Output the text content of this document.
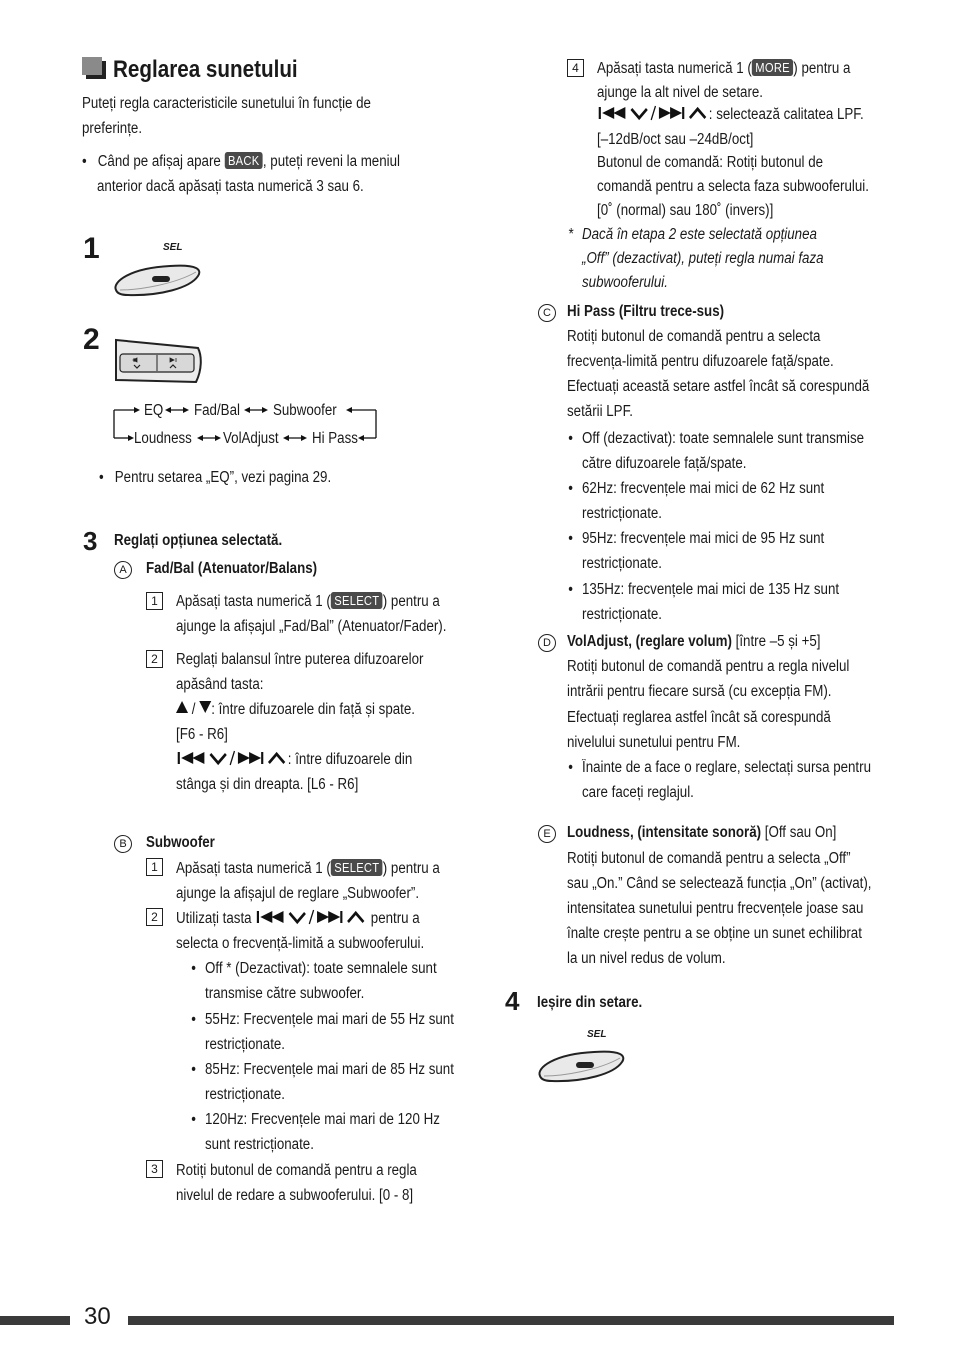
Reglarea sunetului
Puteți regla caracteristicile sunetului în funcție de
preferințe.
• Când pe afișaj apare BACK , puteți reveni la meniul
anterior dacă apăsați tasta numerică 3 sau 6.
1	SEL
2
EQ Fad/Bal Subwoofer
Loudness VolAdjust Hi Pass
•   Pentru setarea „EQ”, vezi pagina 29.
3 Reglați opțiunea selectată.
A	Fad/Bal (Atenuator/Balans)
1	Apăsați tasta numerică 1 ( SELECT ) pentru a
ajunge la afișajul „Fad/Bal” (Atenuator/Fader).
2	Reglați balansul între puterea difuzoarelor
apăsând tasta:
/ : între difuzoarele din față și spate.
[F6 - R6]
: între difuzoarele din
stânga și din dreapta. [L6 - R6]
B	Subwoofer
1	Apăsați tasta numerică 1 ( SELECT ) pentru a
ajunge la afișajul de reglare „Subwoofer”.
2	Utilizați tasta	pentru a
selecta o frecvență-limită a subwooferului.
• Off * (Dezactivat): toate semnalele sunt
transmise către subwoofer.
• 55Hz: Frecvențele mai mari de 55 Hz sunt
restricționate.
• 85Hz: Frecvențele mai mari de 85 Hz sunt
restricționate.
• 120Hz: Frecvențele mai mari de 120 Hz
sunt restricționate.
3	Rotiți butonul de comandă pentru a regla
nivelul de redare a subwooferului. [0 - 8]
4	Apăsați tasta numerică 1 ( MORE ) pentru a
ajunge la alt nivel de setare.
: selectează calitatea LPF.
[–12dB/oct sau –24dB/oct]
Butonul de comandă: Rotiți butonul de
comandă pentru a selecta faza subwooferului.
[0˚ (normal) sau 180˚ (invers)]
* Dacă în etapa 2 este selectată opțiunea
„Off” (dezactivat), puteți regla numai faza
subwooferului.
C	Hi Pass (Filtru trece-sus)
Rotiți butonul de comandă pentru a selecta
frecvența-limită pentru difuzoarele față/spate.
Efectuați această setare astfel încât să corespundă
setării LPF.
• Off (dezactivat): toate semnalele sunt transmise
către difuzoarele față/spate.
• 62Hz: frecvențele mai mici de 62 Hz sunt
restricționate.
• 95Hz: frecvențele mai mici de 95 Hz sunt
restricționate.
• 135Hz: frecvențele mai mici de 135 Hz sunt
restricționate.
D	VolAdjust, (reglare volum) [între –5 și +5]
Rotiți butonul de comandă pentru a regla nivelul
intrării pentru fiecare sursă (cu excepția FM).
Efectuați reglarea astfel încât să corespundă
nivelului sunetului pentru FM.
• Înainte de a face o reglare, selectați sursa pentru
care faceți reglajul.
E	Loudness, (intensitate sonoră) [Off sau On]
Rotiți butonul de comandă pentru a selecta „Off”
sau „On.” Când se selectează funcția „On” (activat),
intensitatea sunetului pentru frecvențele joase sau
înalte crește pentru a se obține un sunet echilibrat
la un nivel redus de volum.
4 Ieșire din setare.
SEL
30
